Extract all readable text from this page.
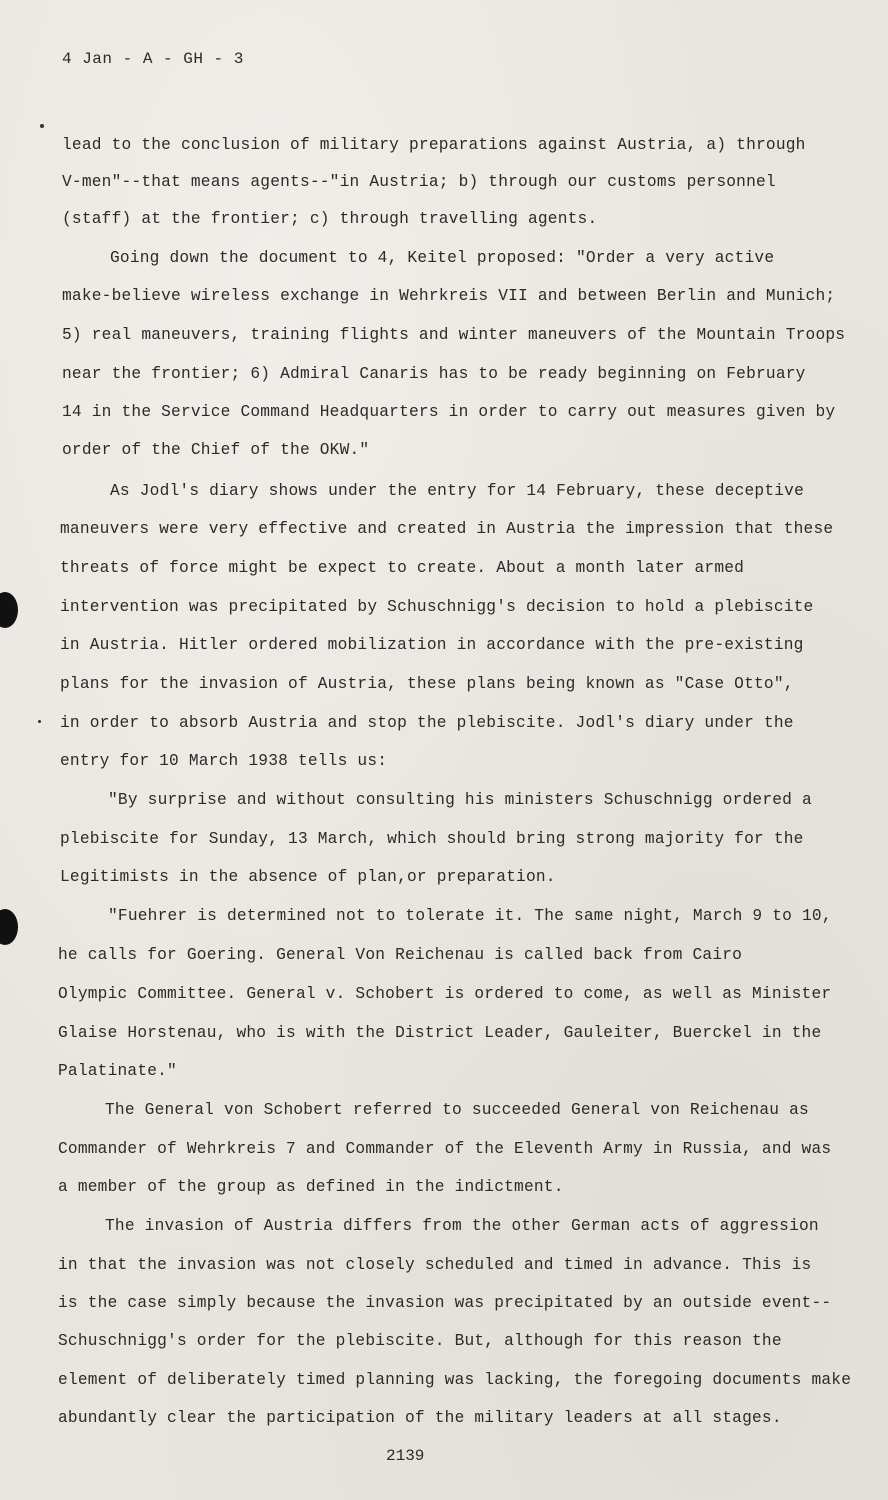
4 Jan - A - GH - 3
lead to the conclusion of military preparations against Austria, a) through
V-men"--that means agents--"in Austria; b) through our customs personnel
(staff) at the frontier; c) through travelling agents.
Going down the document to 4, Keitel proposed: "Order a very active
make-believe wireless exchange in Wehrkreis VII and between Berlin and Munich;
5) real maneuvers, training flights and winter maneuvers of the Mountain Troops
near the frontier; 6) Admiral Canaris has to be ready beginning on February
14 in the Service Command Headquarters in order to carry out measures given by
order of the Chief of the OKW."
As Jodl's diary shows under the entry for 14 February, these deceptive
maneuvers were very effective and created in Austria the impression that these
threats of force might be expect to create. About a month later armed
intervention was precipitated by Schuschnigg's decision to hold a plebiscite
in Austria. Hitler ordered mobilization in accordance with the pre-existing
plans for the invasion of Austria, these plans being known as "Case Otto",
in order to absorb Austria and stop the plebiscite. Jodl's diary under the
entry for 10 March 1938 tells us:
"By surprise and without consulting his ministers Schuschnigg ordered a
plebiscite for Sunday, 13 March, which should bring strong majority for the
Legitimists in the absence of plan,or preparation.
"Fuehrer is determined not to tolerate it. The same night, March 9 to 10,
he calls for Goering. General Von Reichenau is called back from Cairo
Olympic Committee. General v. Schobert is ordered to come, as well as Minister
Glaise Horstenau, who is with the District Leader, Gauleiter, Buerckel in the
Palatinate."
The General von Schobert referred to succeeded General von Reichenau as
Commander of Wehrkreis 7 and Commander of the Eleventh Army in Russia, and was
a member of the group as defined in the indictment.
The invasion of Austria differs from the other German acts of aggression
in that the invasion was not closely scheduled and timed in advance. This is
is the case simply because the invasion was precipitated by an outside event--
Schuschnigg's order for the plebiscite. But, although for this reason the
element of deliberately timed planning was lacking, the foregoing documents make
abundantly clear the participation of the military leaders at all stages.
2139
